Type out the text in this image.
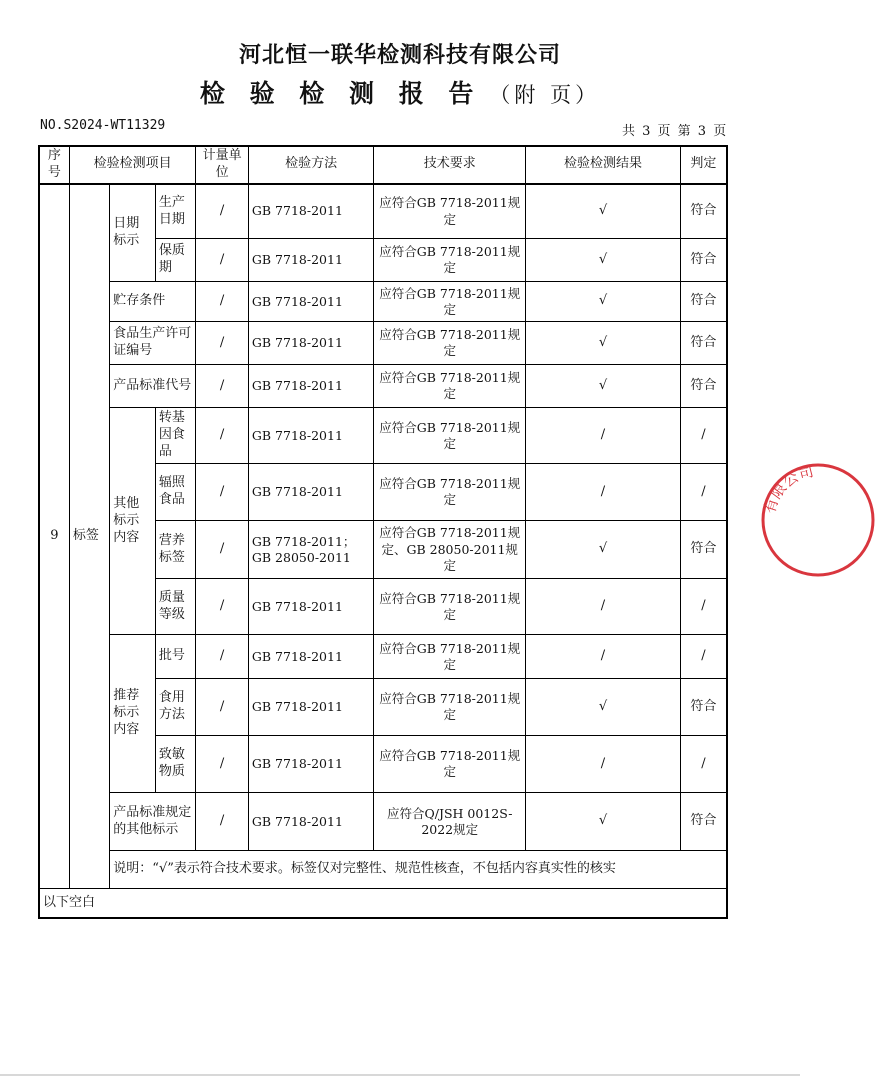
河北恒一联华检测科技有限公司
检 验 检 测 报 告 （附 页）
NO.S2024-WT11329	共 3 页 第 3 页
序号	检验检测项目			计量单位	检验方法	技术要求	检验检测结果	判定
9	标签	日期标示	生产日期	/	GB 7718-2011	应符合GB 7718-2011规定	√	符合
			保质期	/	GB 7718-2011	应符合GB 7718-2011规定	√	符合
		贮存条件		/	GB 7718-2011	应符合GB 7718-2011规定	√	符合
		食品生产许可证编号		/	GB 7718-2011	应符合GB 7718-2011规定	√	符合
		产品标准代号		/	GB 7718-2011	应符合GB 7718-2011规定	√	符合
		其他标示内容	转基因食品	/	GB 7718-2011	应符合GB 7718-2011规定	/	/
			辐照食品	/	GB 7718-2011	应符合GB 7718-2011规定	/	/
			营养标签	/	GB 7718-2011；GB 28050-2011	应符合GB 7718-2011规定、GB 28050-2011规定	√	符合
			质量等级	/	GB 7718-2011	应符合GB 7718-2011规定	/	/
		推荐标示内容	批号	/	GB 7718-2011	应符合GB 7718-2011规定	/	/
			食用方法	/	GB 7718-2011	应符合GB 7718-2011规定	√	符合
			致敏物质	/	GB 7718-2011	应符合GB 7718-2011规定	/	/
		产品标准规定的其他标示		/	GB 7718-2011	应符合Q/JSH 0012S-2022规定	√	符合
		说明：“√”表示符合技术要求。标签仅对完整性、规范性核查，不包括内容真实性的核实						
以下空白								
有限公司
